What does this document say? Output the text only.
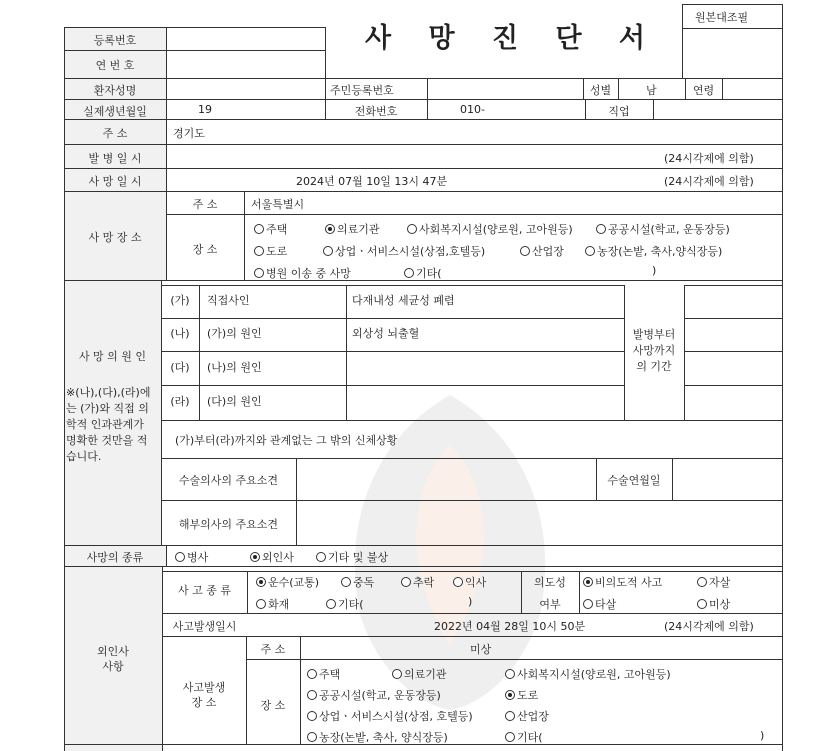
사 망 진 단 서
원본대조필
등록번호
연 번 호
환자성명	주민등록번호	성별	남	연령
실제생년월일	19	전화번호	010-	직업
주 소	경기도
발 병 일 시	(24시각제에 의함)
사 망 일 시	2024년 07월 10일 13시 47분	(24시각제에 의함)
사 망 장 소
주 소	서울특별시
장 소
주택	의료기관	사회복지시설(양로원, 고아원등)	공공시설(학교, 운동장등)
도로	상업ㆍ서비스시설(상점,호텔등)	산업장	농장(논밭, 축사,양식장등)
병원 이송 중 사망	기타(	)
사 망 의 원 인
※(나),(다),(라)에
는 (가)와 직접 의
학적 인과관계가
명확한 것만을 적
습니다.
(가)	직접사인	다재내성 세균성 폐렴
(나)	(가)의 원인	외상성 뇌출혈
(다)	(나)의 원인
(라)	(다)의 원인
발병부터
사망까지
의 기간
(가)부터(라)까지와 관계없는 그 밖의 신체상황
수술의사의 주요소견	수술연월일
해부의사의 주요소견
사망의 종류	병사	외인사	기타 및 불상
외인사
사항
사 고 종 류
운수(교통)	중독	추락	익사
화재	기타(	)
의도성
여부
비의도적 사고	자살
타살	미상
사고발생일시	2022년 04월 28일 10시 50분	(24시각제에 의함)
사고발생
장 소
주 소	미상
장 소
주택	의료기관	사회복지시설(양로원, 고아원등)
공공시설(학교, 운동장등)	도로
상업ㆍ서비스시설(상점, 호텔등)	산업장
농장(논밭, 축사, 양식장등)	기타(	)
